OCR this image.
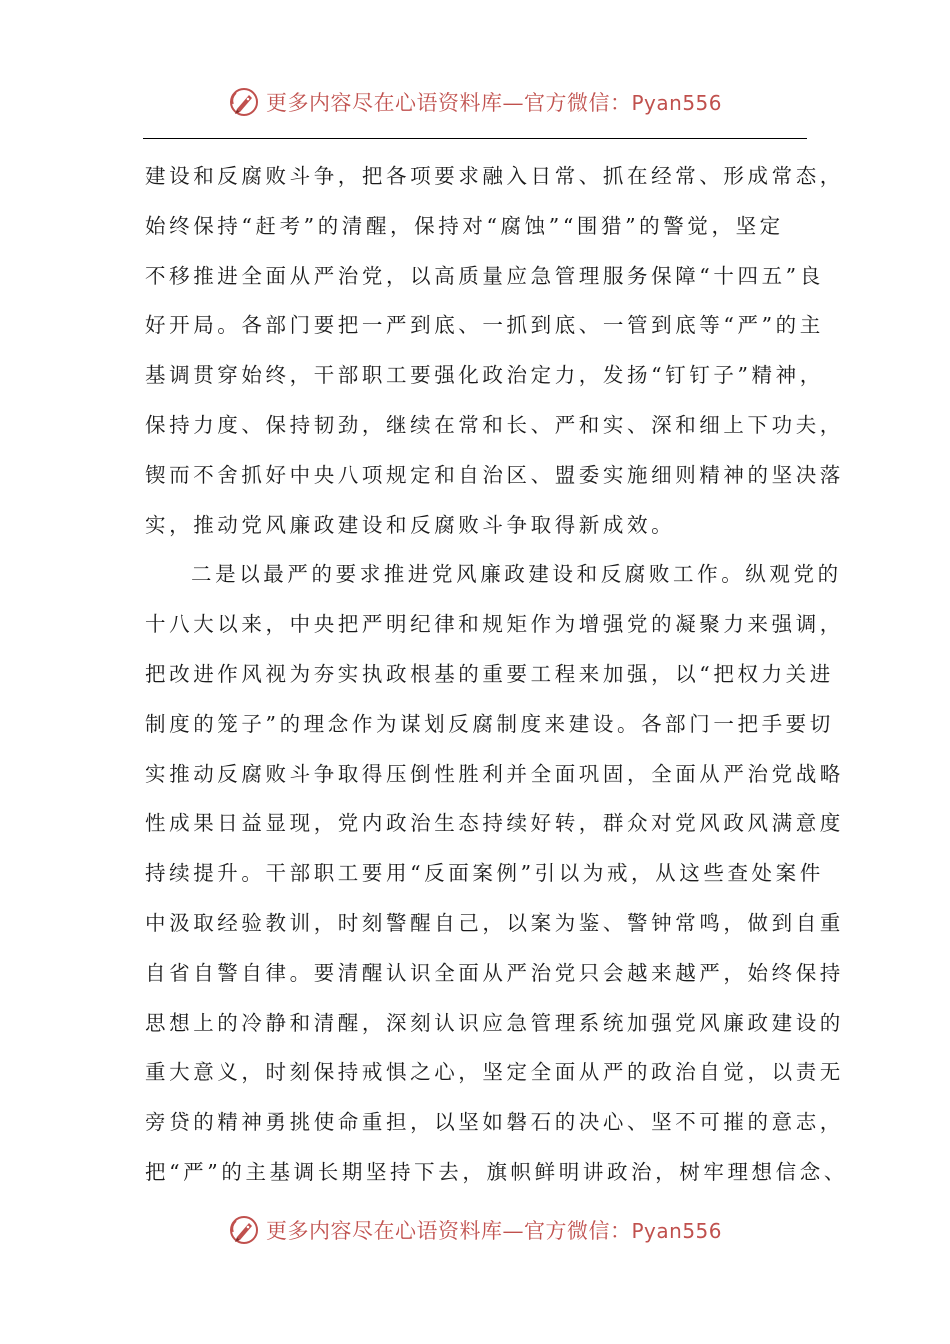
更多内容尽在心语资料库—官方微信：Pyan556
建设和反腐败斗争，把各项要求融入日常、抓在经常、形成常态，
始终保持“赶考”的清醒，保持对“腐蚀”“围猎”的警觉，坚定
不移推进全面从严治党，以高质量应急管理服务保障“十四五”良
好开局。各部门要把一严到底、一抓到底、一管到底等“严”的主
基调贯穿始终，干部职工要强化政治定力，发扬“钉钉子”精神，
保持力度、保持韧劲，继续在常和长、严和实、深和细上下功夫，
锲而不舍抓好中央八项规定和自治区、盟委实施细则精神的坚决落
实，推动党风廉政建设和反腐败斗争取得新成效。
二是以最严的要求推进党风廉政建设和反腐败工作。纵观党的
十八大以来，中央把严明纪律和规矩作为增强党的凝聚力来强调，
把改进作风视为夯实执政根基的重要工程来加强，以“把权力关进
制度的笼子”的理念作为谋划反腐制度来建设。各部门一把手要切
实推动反腐败斗争取得压倒性胜利并全面巩固，全面从严治党战略
性成果日益显现，党内政治生态持续好转，群众对党风政风满意度
持续提升。干部职工要用“反面案例”引以为戒，从这些查处案件
中汲取经验教训，时刻警醒自己，以案为鉴、警钟常鸣，做到自重
自省自警自律。要清醒认识全面从严治党只会越来越严，始终保持
思想上的冷静和清醒，深刻认识应急管理系统加强党风廉政建设的
重大意义，时刻保持戒惧之心，坚定全面从严的政治自觉，以责无
旁贷的精神勇挑使命重担，以坚如磐石的决心、坚不可摧的意志，
把“严”的主基调长期坚持下去，旗帜鲜明讲政治，树牢理想信念、
更多内容尽在心语资料库—官方微信：Pyan556
